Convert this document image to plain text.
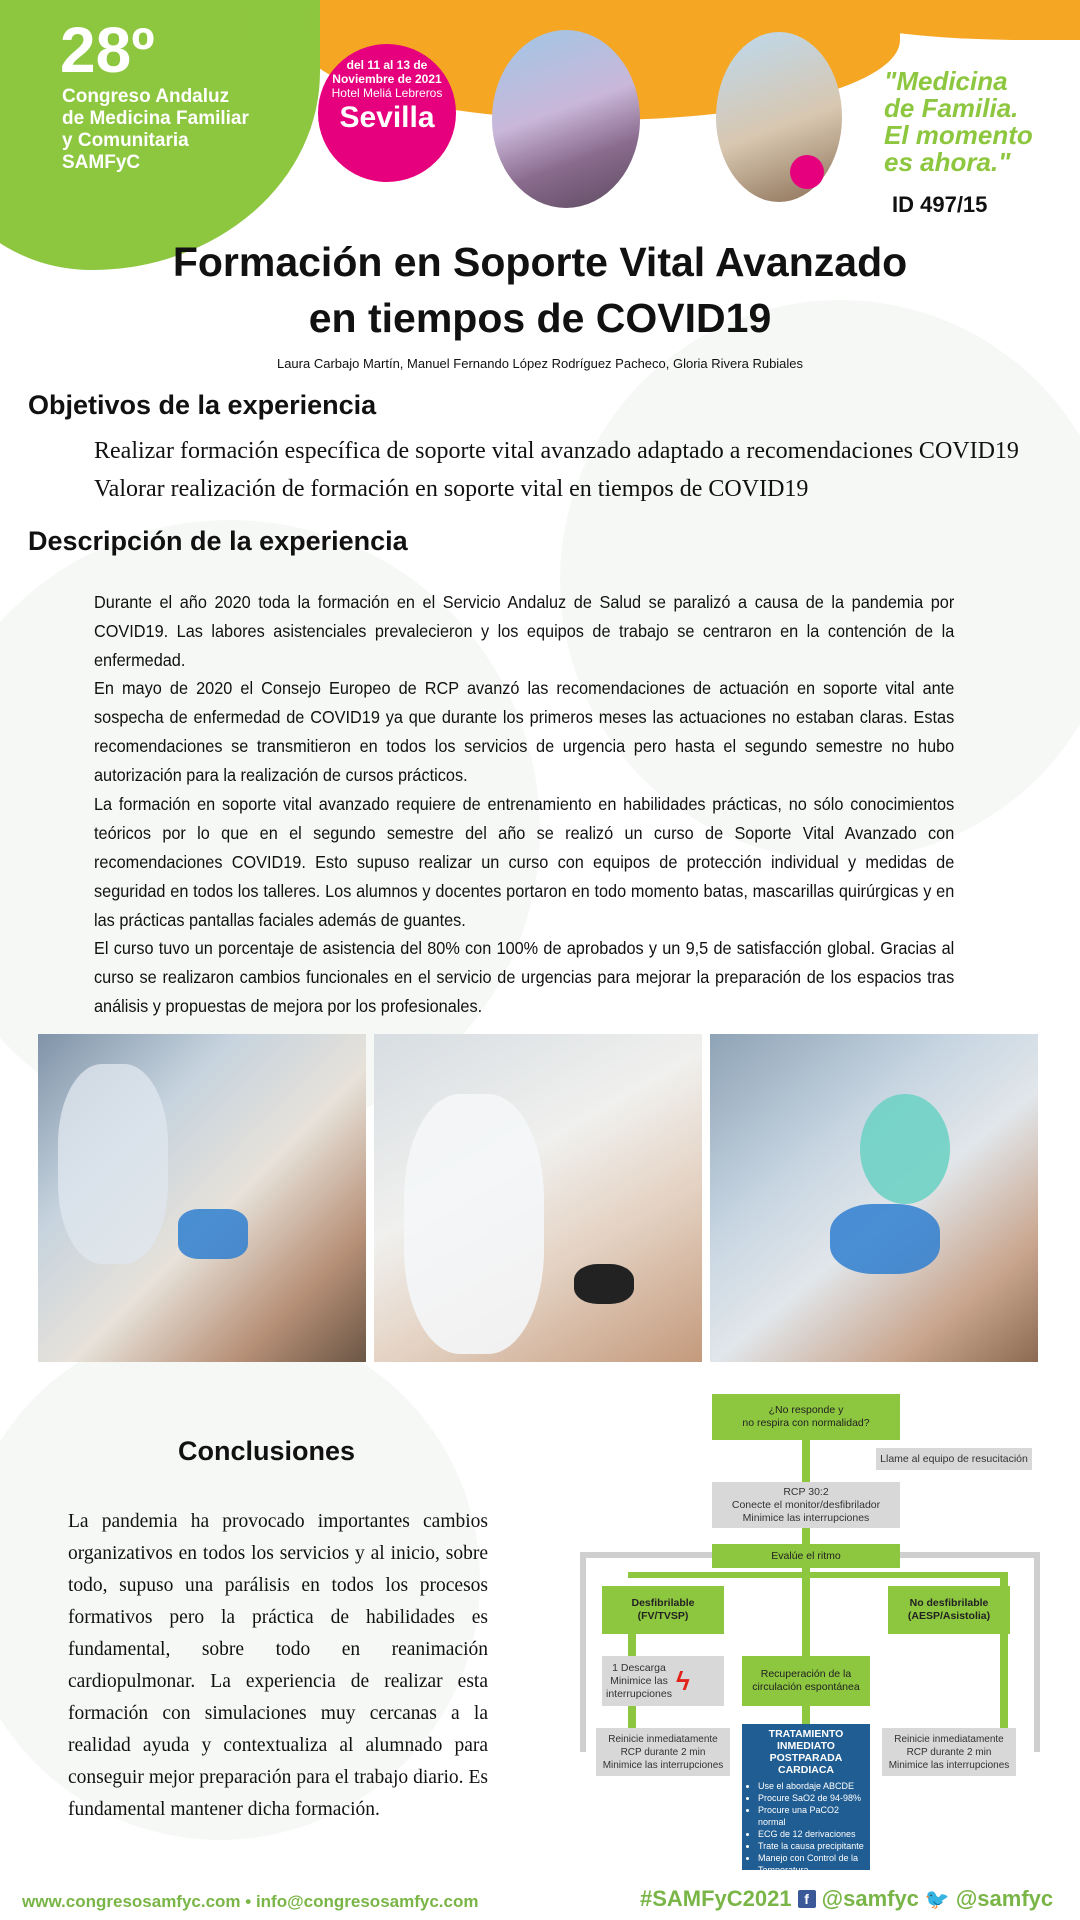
28º
Congreso Andaluz
de Medicina Familiar
y Comunitaria
SAMFyC
del 11 al 13 de
Noviembre de 2021
Hotel Meliá Lebreros
Sevilla
"Medicina
de Familia.
El momento
es ahora."
ID 497/15
Formación en Soporte Vital Avanzado
en tiempos de COVID19
Laura Carbajo Martín, Manuel Fernando López Rodríguez Pacheco, Gloria Rivera Rubiales
Objetivos de la experiencia
Realizar formación específica de soporte vital avanzado adaptado a recomendaciones COVID19
Valorar realización de formación en soporte vital en tiempos de COVID19
Descripción de la experiencia
Durante el año 2020 toda la formación en el Servicio Andaluz de Salud se paralizó a causa de la pandemia por COVID19. Las labores asistenciales prevalecieron y los equipos de trabajo se centraron en la contención de la enfermedad.
En mayo de 2020 el Consejo Europeo de RCP avanzó las recomendaciones de actuación en soporte vital ante sospecha de enfermedad de COVID19 ya que durante los primeros meses las actuaciones no estaban claras. Estas recomendaciones se transmitieron en todos los servicios de urgencia pero hasta el segundo semestre no hubo autorización para la realización de cursos prácticos.
La formación en soporte vital avanzado requiere de entrenamiento en habilidades prácticas, no sólo conocimientos teóricos por lo que en el segundo semestre del año se realizó un curso de Soporte Vital Avanzado con recomendaciones COVID19. Esto supuso realizar un curso con equipos de protección individual y medidas de seguridad en todos los talleres. Los alumnos y docentes portaron en todo momento batas, mascarillas quirúrgicas y en las prácticas pantallas faciales además de guantes.
El curso tuvo un porcentaje de asistencia del 80% con 100% de aprobados y un 9,5 de satisfacción global. Gracias al curso se realizaron cambios funcionales en el servicio de urgencias para mejorar la preparación de los espacios tras análisis y propuestas de mejora por los profesionales.
Conclusiones
La pandemia ha provocado importantes cambios organizativos en todos los servicios y al inicio, sobre todo, supuso una parálisis en todos los procesos formativos pero la práctica de habilidades es fundamental, sobre todo en reanimación cardiopulmonar. La experiencia de realizar esta formación con simulaciones muy cercanas a la realidad ayuda y contextualiza al alumnado para conseguir mejor preparación para el trabajo diario. Es fundamental mantener dicha formación.
¿No responde y
no respira con normalidad?
Llame al equipo de resucitación
RCP 30:2
Conecte el monitor/desfibrilador
Minimice las interrupciones
Evalúe el ritmo
Desfibrilable
(FV/TVSP)
No desfibrilable
(AESP/Asistolia)
1 Descarga
Minimice las
interrupciones ϟ	Recuperación de la
circulación espontánea
Reinicie inmediatamente
RCP durante 2 min
Minimice las interrupciones
Reinicie inmediatamente
RCP durante 2 min
Minimice las interrupciones
TRATAMIENTO
INMEDIATO
POSTPARADA CARDIACA
• Use el abordaje ABCDE
• Procure SaO2 de 94-98%
• Procure una PaCO2 normal
• ECG de 12 derivaciones
• Trate la causa precipitante
• Manejo con Control de la Temperatura
www.congresosamfyc.com • info@congresosamfyc.com	#SAMFyC2021 f @samfyc 🐦 @samfyc
